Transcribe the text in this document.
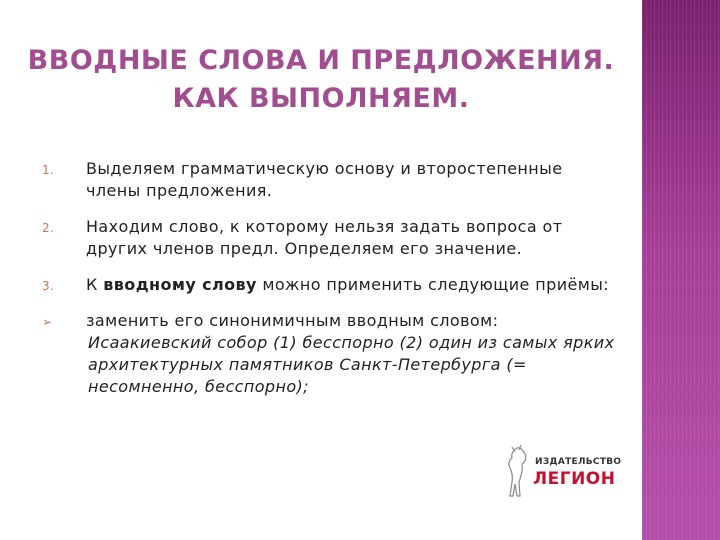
ВВОДНЫЕ СЛОВА И ПРЕДЛОЖЕНИЯ.
КАК ВЫПОЛНЯЕМ.
1. Выделяем грамматическую основу и второстепенные члены предложения.
2. Находим слово, к которому нельзя задать вопроса от других членов предл. Определяем его значение.
3. К вводному слову можно применить следующие приёмы:
➢ заменить его синонимичным вводным словом:
Исаакиевский собор (1) бесспорно (2) один из самых ярких архитектурных памятников Санкт-Петербурга (= несомненно, бесспорно);
ИЗДАТЕЛЬСТВО
ЛЕГИОН
